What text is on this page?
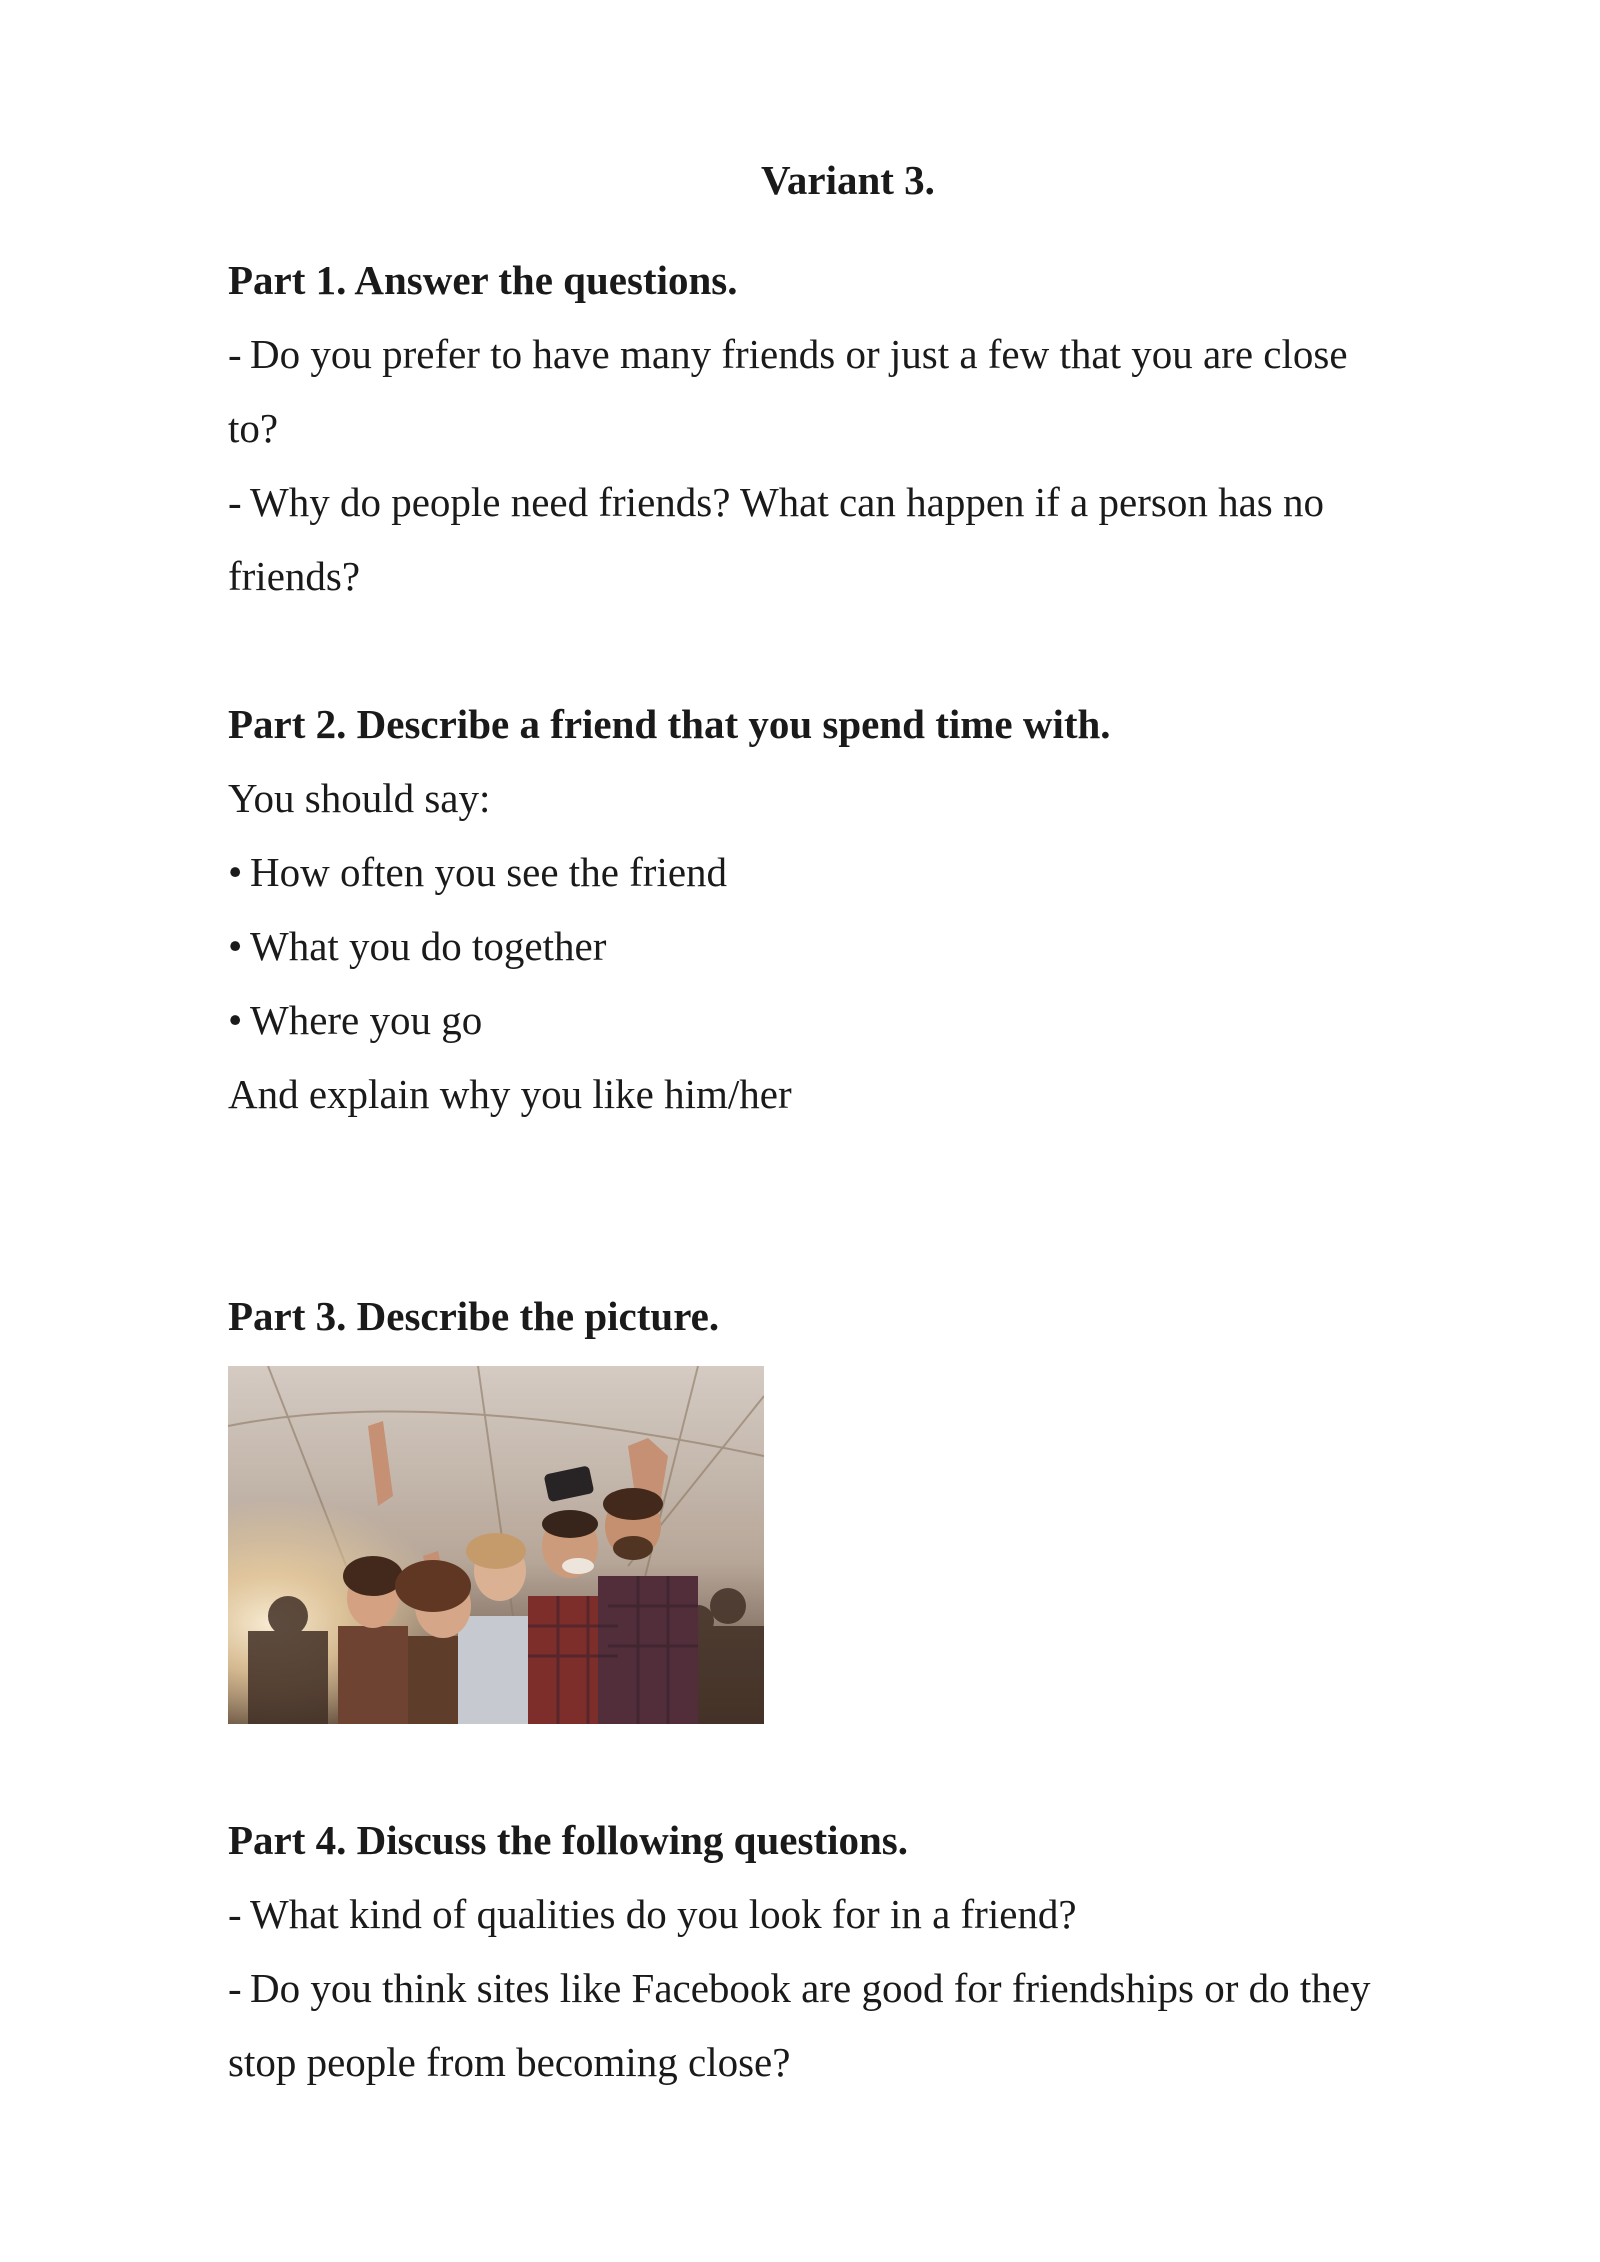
Variant 3.
Part 1. Answer the questions.
- Do you prefer to have many friends or just a few that you are close
to?
- Why do people need friends? What can happen if a person has no
friends?
Part 2. Describe a friend that you spend time with.
You should say:
• How often you see the friend
• What you do together
• Where you go
And explain why you like him/her
Part 3. Describe the picture.
Part 4. Discuss the following questions.
- What kind of qualities do you look for in a friend?
- Do you think sites like Facebook are good for friendships or do they
stop people from becoming close?
